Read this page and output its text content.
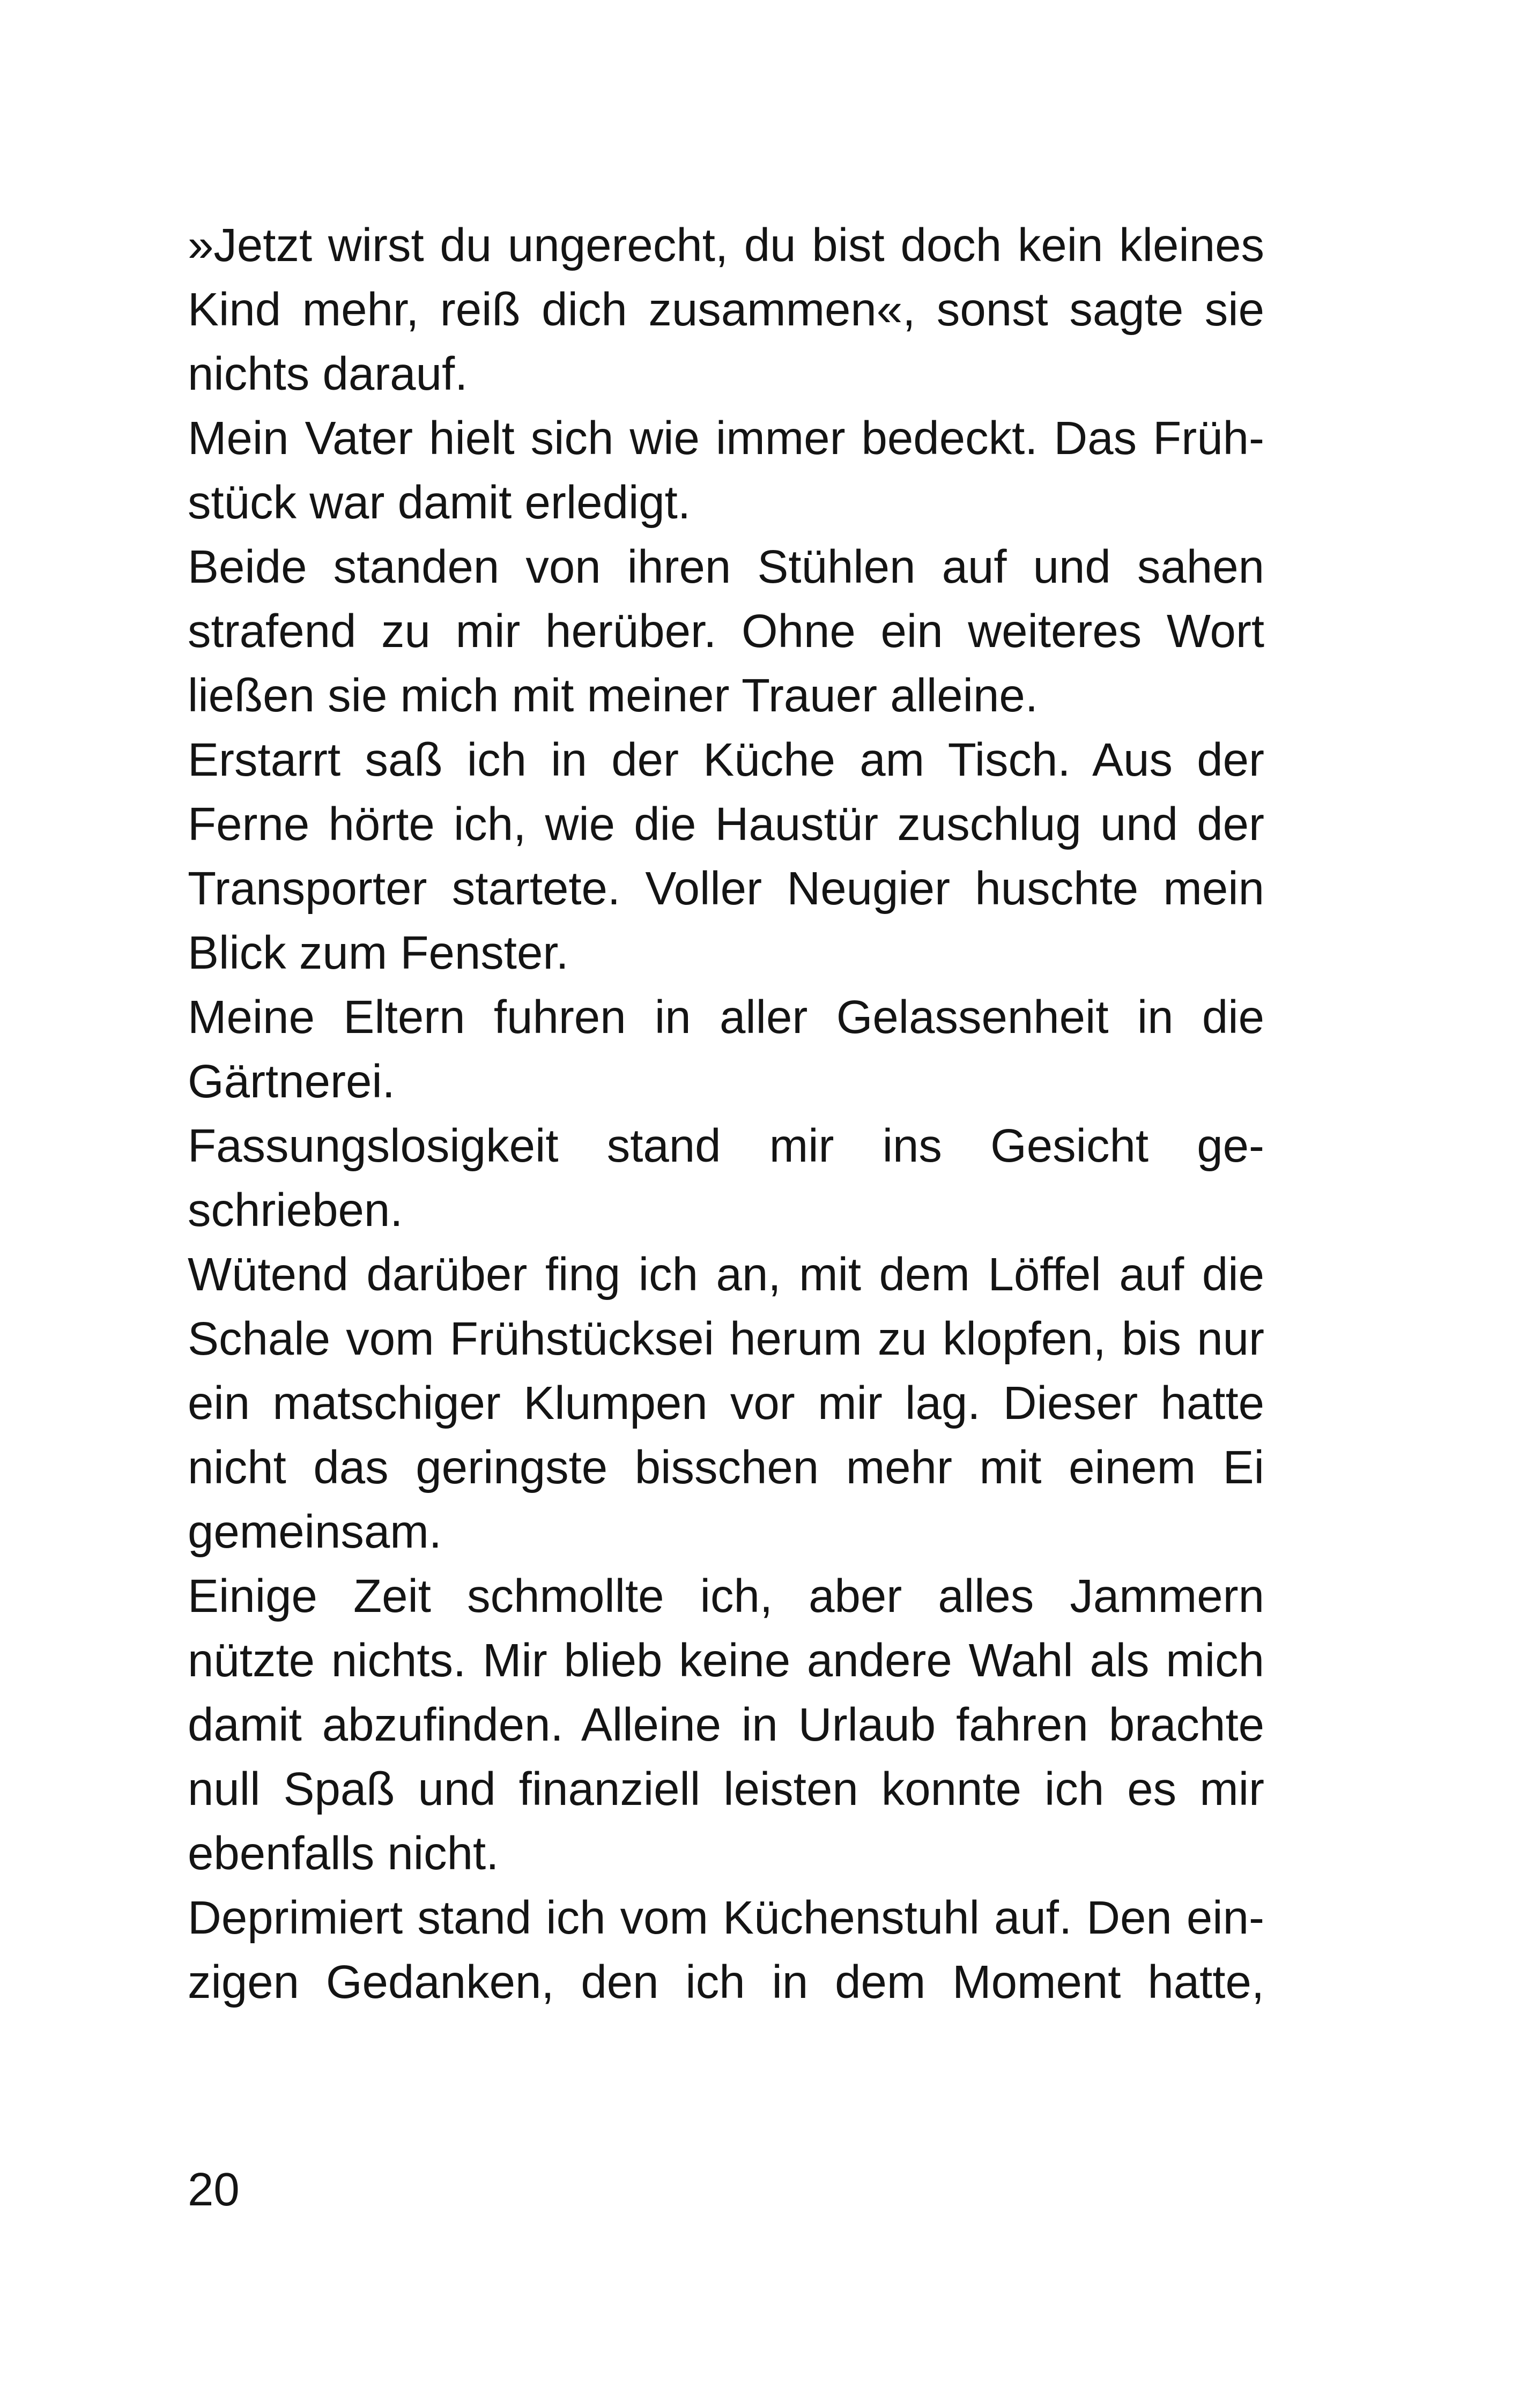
»Jetzt wirst du ungerecht, du bist doch kein kleines
Kind mehr, reiß dich zusammen«, sonst sagte sie
nichts darauf.
Mein Vater hielt sich wie immer bedeckt. Das Früh-
stück war damit erledigt.
Beide standen von ihren Stühlen auf und sahen
strafend zu mir herüber. Ohne ein weiteres Wort
ließen sie mich mit meiner Trauer alleine.
Erstarrt saß ich in der Küche am Tisch. Aus der
Ferne hörte ich, wie die Haustür zuschlug und der
Transporter startete. Voller Neugier huschte mein
Blick zum Fenster.
Meine Eltern fuhren in aller Gelassenheit in die
Gärtnerei.
Fassungslosigkeit stand mir ins Gesicht ge-
schrieben.
Wütend darüber fing ich an, mit dem Löffel auf die
Schale vom Frühstücksei herum zu klopfen, bis nur
ein matschiger Klumpen vor mir lag. Dieser hatte
nicht das geringste bisschen mehr mit einem Ei
gemeinsam.
Einige Zeit schmollte ich, aber alles Jammern
nützte nichts. Mir blieb keine andere Wahl als mich
damit abzufinden. Alleine in Urlaub fahren brachte
null Spaß und finanziell leisten konnte ich es mir
ebenfalls nicht.
Deprimiert stand ich vom Küchenstuhl auf. Den ein-
zigen Gedanken, den ich in dem Moment hatte,
20
